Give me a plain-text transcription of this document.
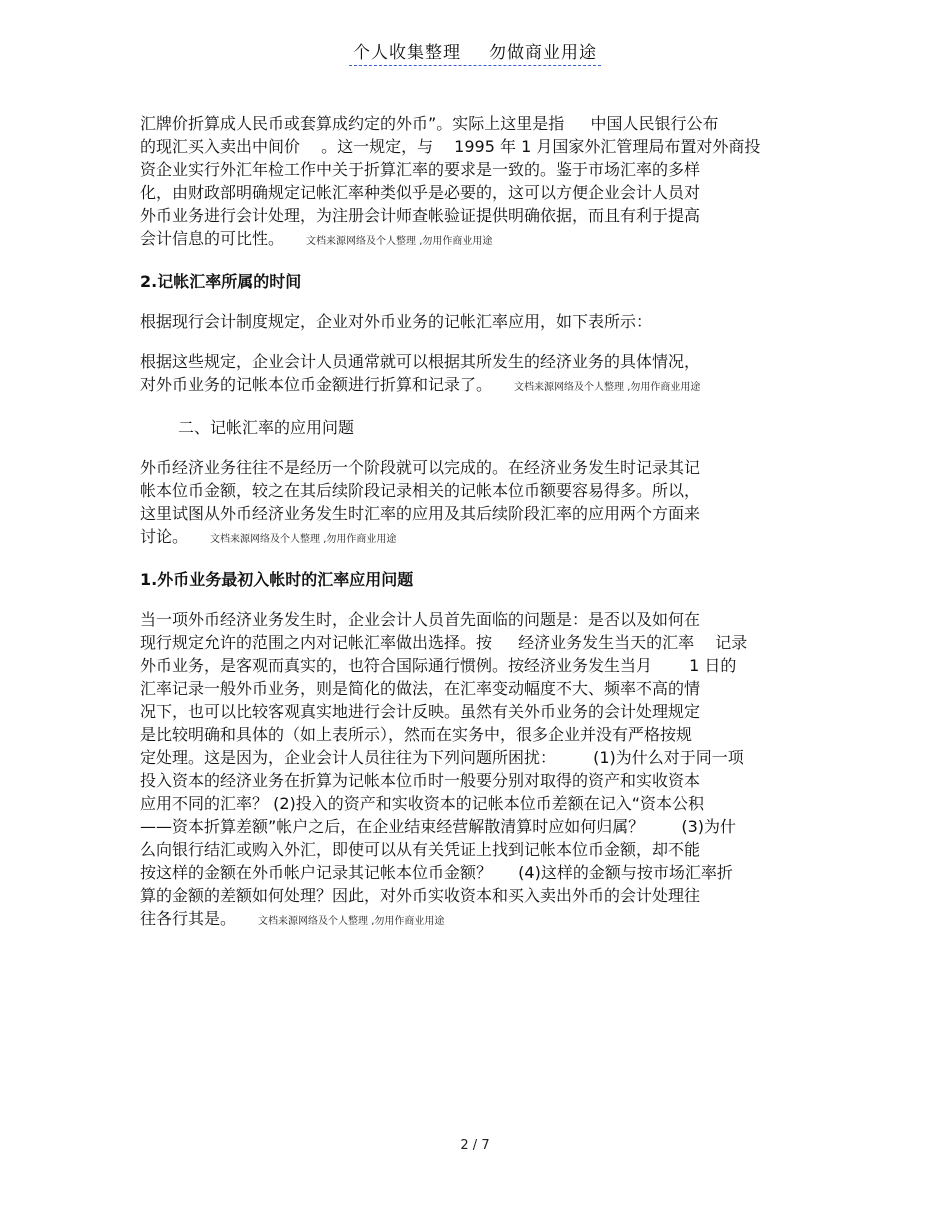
个人收集整理 勿做商业用途
汇牌价折算成人民币或套算成约定的外币”。实际上这里是指 　 中国人民银行公布
的现汇买入卖出中间价 　。这一规定，与 　1995 年 1 月国家外汇管理局布置对外商投
资企业实行外汇年检工作中关于折算汇率的要求是一致的。鉴于市场汇率的多样
化，由财政部明确规定记帐汇率种类似乎是必要的，这可以方便企业会计人员对
外币业务进行会计处理，为注册会计师查帐验证提供明确依据，而且有利于提高
会计信息的可比性。 文档来源网络及个人整理 ,勿用作商业用途
2.记帐汇率所属的时间
根据现行会计制度规定，企业对外币业务的记帐汇率应用，如下表所示：
根据这些规定，企业会计人员通常就可以根据其所发生的经济业务的具体情况，
对外币业务的记帐本位币金额进行折算和记录了。 文档来源网络及个人整理 ,勿用作商业用途
二、记帐汇率的应用问题
外币经济业务往往不是经历一个阶段就可以完成的。在经济业务发生时记录其记
帐本位币金额，较之在其后续阶段记录相关的记帐本位币额要容易得多。所以，
这里试图从外币经济业务发生时汇率的应用及其后续阶段汇率的应用两个方面来
讨论。 文档来源网络及个人整理 ,勿用作商业用途
1.外币业务最初入帐时的汇率应用问题
当一项外币经济业务发生时，企业会计人员首先面临的问题是：是否以及如何在
现行规定允许的范围之内对记帐汇率做出选择。按 　 经济业务发生当天的汇率 　记录
外币业务，是客观而真实的，也符合国际通行惯例。按经济业务发生当月 　　1 日的
汇率记录一般外币业务，则是简化的做法，在汇率变动幅度不大、频率不高的情
况下，也可以比较客观真实地进行会计反映。虽然有关外币业务的会计处理规定
是比较明确和具体的（如上表所示），然而在实务中，很多企业并没有严格按规
定处理。这是因为，企业会计人员往往为下列问题所困扰： 　　(1)为什么对于同一项
投入资本的经济业务在折算为记帐本位币时一般要分别对取得的资产和实收资本
应用不同的汇率？ (2)投入的资产和实收资本的记帐本位币差额在记入“资本公积
——资本折算差额”帐户之后，在企业结束经营解散清算时应如何归属？ 　　(3)为什
么向银行结汇或购入外汇，即使可以从有关凭证上找到记帐本位币金额，却不能
按这样的金额在外币帐户记录其记帐本位币金额？ 　 (4)这样的金额与按市场汇率折
算的金额的差额如何处理？因此，对外币实收资本和买入卖出外币的会计处理往
往各行其是。 文档来源网络及个人整理 ,勿用作商业用途
2 / 7
